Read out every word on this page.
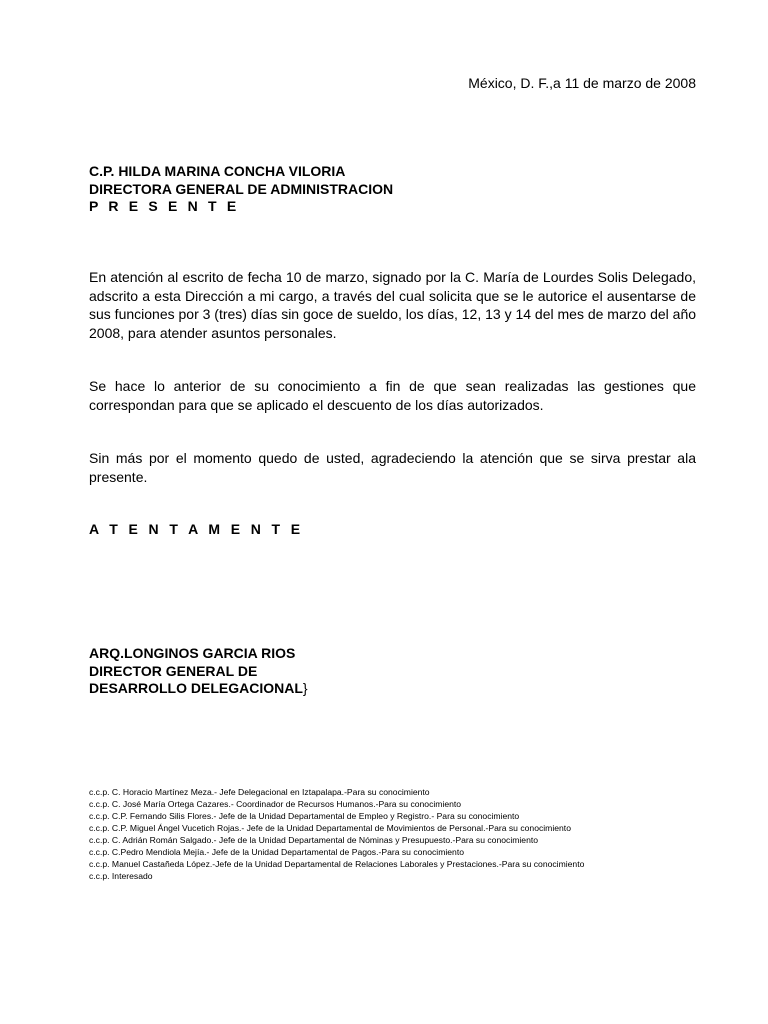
México, D. F.,a 11 de marzo de 2008
C.P. HILDA MARINA CONCHA VILORIA
DIRECTORA GENERAL DE ADMINISTRACION
P R E S E N T E
En atención al escrito de fecha 10 de marzo, signado por la C. María de Lourdes Solis Delegado, adscrito a esta Dirección a mi cargo, a través del cual solicita que se le autorice el ausentarse de sus funciones por 3 (tres) días sin goce de sueldo, los días, 12, 13 y 14 del mes de marzo del año 2008, para atender asuntos personales.
Se hace lo anterior de su conocimiento a fin de que sean realizadas las gestiones que correspondan para que se aplicado el descuento de los días autorizados.
Sin más por el momento quedo de usted, agradeciendo la atención que se sirva prestar ala presente.
A T E N T A M E N T E
ARQ.LONGINOS GARCIA RIOS
DIRECTOR GENERAL DE
DESARROLLO DELEGACIONAL}
c.c.p. C. Horacio Martínez Meza.- Jefe Delegacional en Iztapalapa.-Para su conocimiento
c.c.p. C. José María Ortega Cazares.- Coordinador de Recursos Humanos.-Para su conocimiento
c.c.p. C.P. Fernando Silis Flores.- Jefe de la Unidad Departamental de Empleo y Registro.- Para su conocimiento
c.c.p. C.P. Miguel Ángel Vucetich Rojas.- Jefe de la Unidad Departamental de Movimientos de Personal.-Para su conocimiento
c.c.p. C. Adrián Román Salgado.- Jefe de la Unidad Departamental de Nóminas y Presupuesto.-Para su conocimiento
c.c.p. C.Pedro Mendiola Mejía.- Jefe de la Unidad Departamental de Pagos.-Para su conocimiento
c.c.p. Manuel Castañeda López.-Jefe de la Unidad Departamental de Relaciones Laborales y Prestaciones.-Para su conocimiento
c.c.p. Interesado
